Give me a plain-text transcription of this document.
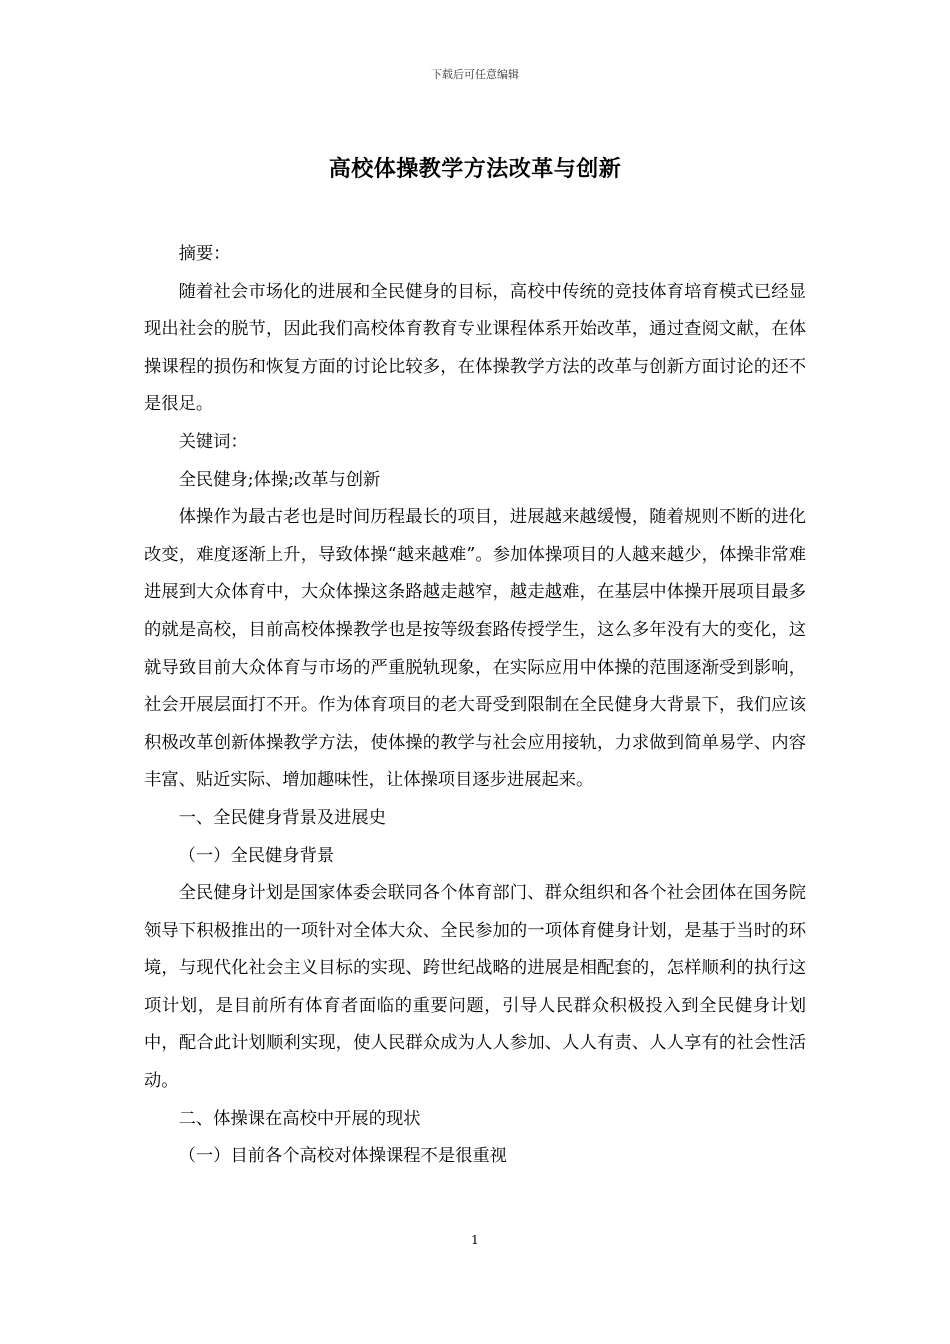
下载后可任意编辑
高校体操教学方法改革与创新

摘要：

随着社会市场化的进展和全民健身的目标，高校中传统的竞技体育培育模式已经显现出社会的脱节，因此我们高校体育教育专业课程体系开始改革，通过查阅文献，在体操课程的损伤和恢复方面的讨论比较多，在体操教学方法的改革与创新方面讨论的还不是很足。

关键词：

全民健身;体操;改革与创新

体操作为最古老也是时间历程最长的项目，进展越来越缓慢，随着规则不断的进化改变，难度逐渐上升，导致体操“越来越难”。参加体操项目的人越来越少，体操非常难进展到大众体育中，大众体操这条路越走越窄，越走越难，在基层中体操开展项目最多的就是高校，目前高校体操教学也是按等级套路传授学生，这么多年没有大的变化，这就导致目前大众体育与市场的严重脱轨现象，在实际应用中体操的范围逐渐受到影响，社会开展层面打不开。作为体育项目的老大哥受到限制在全民健身大背景下，我们应该积极改革创新体操教学方法，使体操的教学与社会应用接轨，力求做到简单易学、内容丰富、贴近实际、增加趣味性，让体操项目逐步进展起来。

一、全民健身背景及进展史

（一）全民健身背景

全民健身计划是国家体委会联同各个体育部门、群众组织和各个社会团体在国务院领导下积极推出的一项针对全体大众、全民参加的一项体育健身计划，是基于当时的环境，与现代化社会主义目标的实现、跨世纪战略的进展是相配套的，怎样顺利的执行这项计划，是目前所有体育者面临的重要问题，引导人民群众积极投入到全民健身计划中，配合此计划顺利实现，使人民群众成为人人参加、人人有责、人人享有的社会性活动。

二、体操课在高校中开展的现状

（一）目前各个高校对体操课程不是很重视

1
